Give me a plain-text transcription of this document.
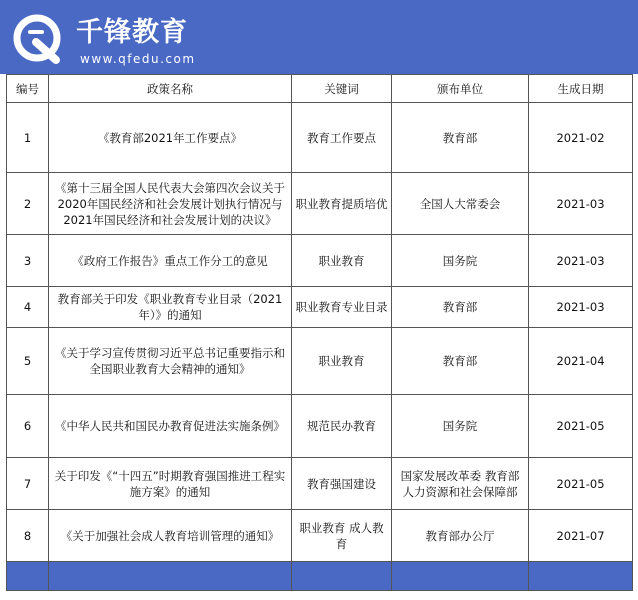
千锋教育
www.qfedu.com
编号	政策名称	关键词	颁布单位	生成日期
1	《教育部2021年工作要点》	教育工作要点	教育部	2021-02
2	《第十三届全国人民代表大会第四次会议关于2020年国民经济和社会发展计划执行情况与2021年国民经济和社会发展计划的决议》	职业教育提质培优	全国人大常委会	2021-03
3	《政府工作报告》重点工作分工的意见	职业教育	国务院	2021-03
4	教育部关于印发《职业教育专业目录（2021年）》的通知	职业教育专业目录	教育部	2021-03
5	《关于学习宣传贯彻习近平总书记重要指示和全国职业教育大会精神的通知》	职业教育	教育部	2021-04
6	《中华人民共和国民办教育促进法实施条例》	规范民办教育	国务院	2021-05
7	关于印发《“十四五”时期教育强国推进工程实施方案》的通知	教育强国建设	国家发展改革委 教育部 人力资源和社会保障部	2021-05
8	《关于加强社会成人教育培训管理的通知》	职业教育 成人教育	教育部办公厅	2021-07
